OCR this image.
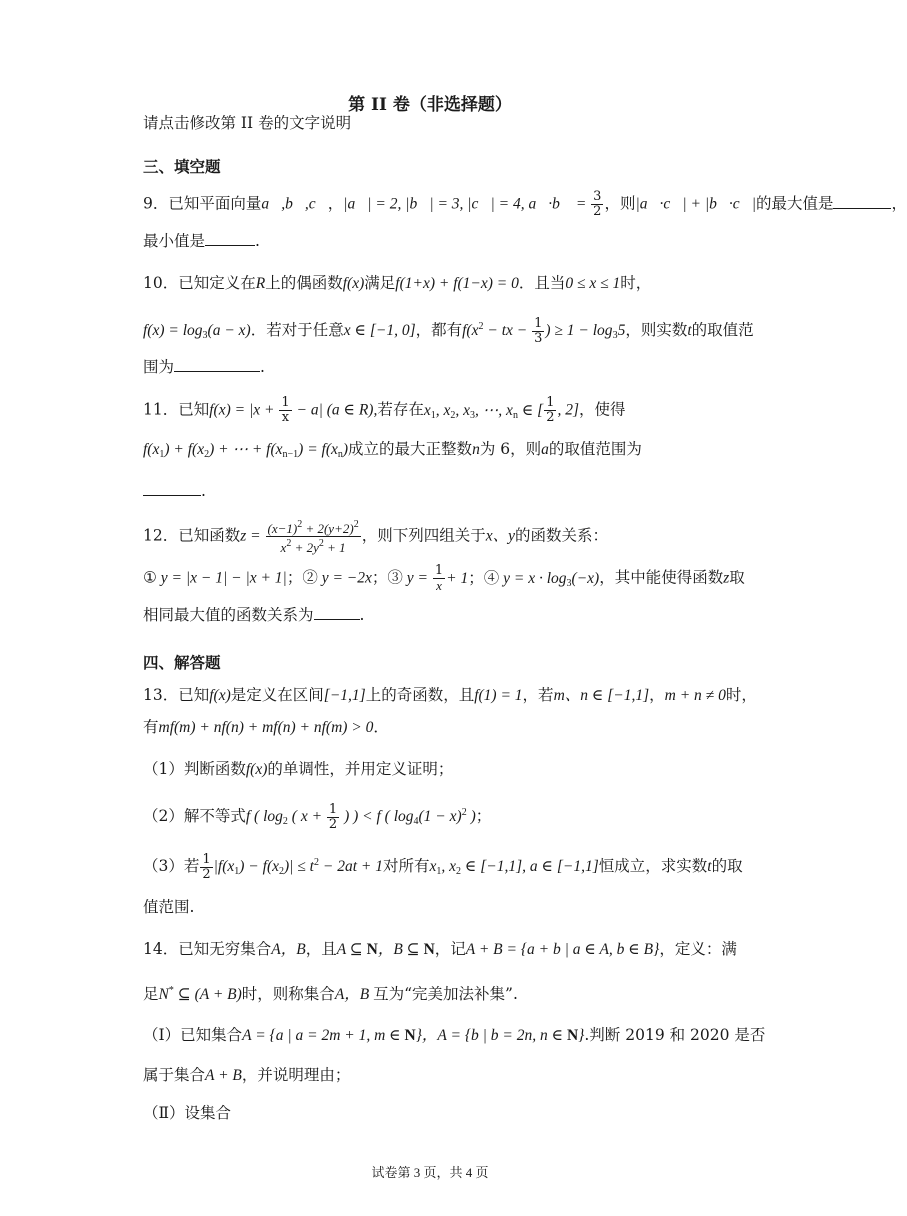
第 II 卷（非选择题）
请点击修改第 II 卷的文字说明
三、填空题
9．已知平面向量a⃗,b⃗,c⃗，|a⃗| = 2, |b⃗| = 3, |c⃗| = 4, a⃗·b⃗ = $\frac{3}{2}$ ，则|a⃗·c⃗| + |b⃗·c⃗|的最大值是	，
最小值是	.
10．已知定义在R上的偶函数f(x)满足f(1+x) + f(1−x) = 0．且当0 ≤ x ≤ 1时，
$f(x) = \log_3(a - x)$．若对于任意x ∈ [−1, 0]，都有$f(x^2$ − tx − $\frac{1}{3}$ ) ≥ $1 - \log_35$，则实数t的取值范
围为	.
11．已知$f(x) = |x + \frac{1}{x} - a|$ (a ∈ R),若存在$x_1$, $x_2$, $x_3$, ⋯, $x_n$ ∈ [ $\frac{1}{2}$ , 2]，使得
$f(x_1) + f(x_2)$ + ⋯ + $f(x_{n-1}) = f(x_n)$成立的最大正整数n为 6，则a的取值范围为
.
12．已知函数$z = \frac{(x-1)^2 + 2(y+2)^2}{x^2 + 2y^2 + 1}$ ，则下列四组关于x、y的函数关系：
① y = |x − 1| − |x + 1|；② y = −2x；③ $y = \frac{1}{x} + 1$；④ $y = x \cdot \log_3(-x)$，其中能使得函数z取
相同最大值的函数关系为	.
四、解答题
13．已知f(x)是定义在区间[−1,1]上的奇函数，且f(1) = 1，若m、n ∈ [−1,1]，m + n ≠ 0时，
有mf(m) + nf(n) + mf(n) + nf(m) > 0．
（1）判断函数f(x)的单调性，并用定义证明；
（2）解不等式f ( $\log_2$ ( $x + \frac{1}{2}$ ) ) < f ( $\log_4(1 - x)^2$ )；
（3）若 $\frac{1}{2} |f(x_1) - f(x_2)| \le t^2 - 2at + 1$对所有$x_1$, $x_2$ ∈ [−1,1], a ∈ [−1,1]恒成立，求实数t的取
值范围.
14．已知无穷集合A，B，且A ⊆ N，B ⊆ N，记A + B = {a + b | a ∈ A, b ∈ B}，定义：满
足N* ⊆ (A + B)时，则称集合A，B 互为“完美加法补集”.
（Ⅰ）已知集合A = {a | a = 2m + 1, m ∈ N}，A = {b | b = 2n, n ∈ N}.判断 2019 和 2020 是否
属于集合A + B，并说明理由；
（Ⅱ）设集合
试卷第 3 页，共 4 页
